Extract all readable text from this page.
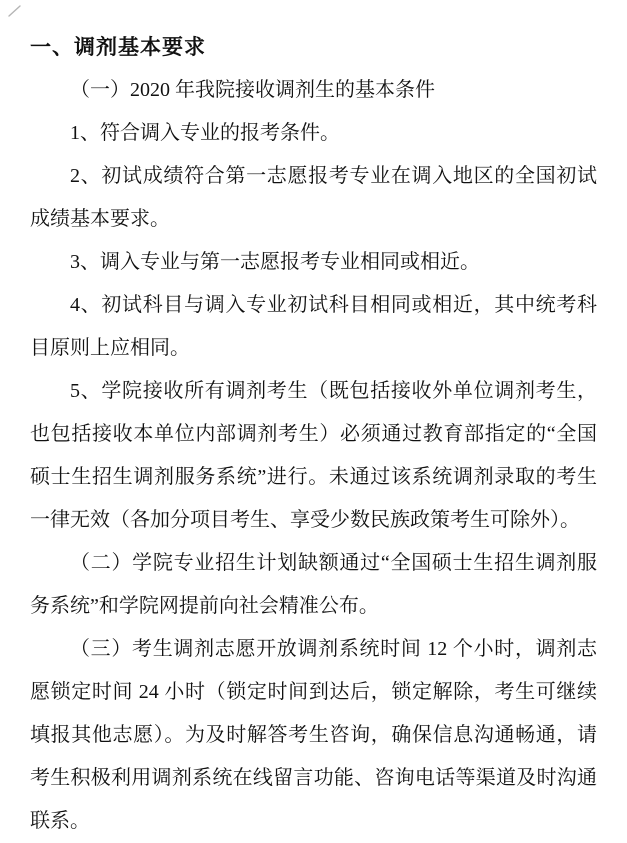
一、调剂基本要求

（一）2020 年我院接收调剂生的基本条件

1、符合调入专业的报考条件。

2、初试成绩符合第一志愿报考专业在调入地区的全国初试成绩基本要求。

3、调入专业与第一志愿报考专业相同或相近。

4、初试科目与调入专业初试科目相同或相近，其中统考科目原则上应相同。

5、学院接收所有调剂考生（既包括接收外单位调剂考生，也包括接收本单位内部调剂考生）必须通过教育部指定的“全国硕士生招生调剂服务系统”进行。未通过该系统调剂录取的考生一律无效（各加分项目考生、享受少数民族政策考生可除外）。

（二）学院专业招生计划缺额通过“全国硕士生招生调剂服务系统”和学院网提前向社会精准公布。

（三）考生调剂志愿开放调剂系统时间 12 个小时，调剂志愿锁定时间 24 小时（锁定时间到达后，锁定解除，考生可继续填报其他志愿）。为及时解答考生咨询，确保信息沟通畅通，请考生积极利用调剂系统在线留言功能、咨询电话等渠道及时沟通联系。
